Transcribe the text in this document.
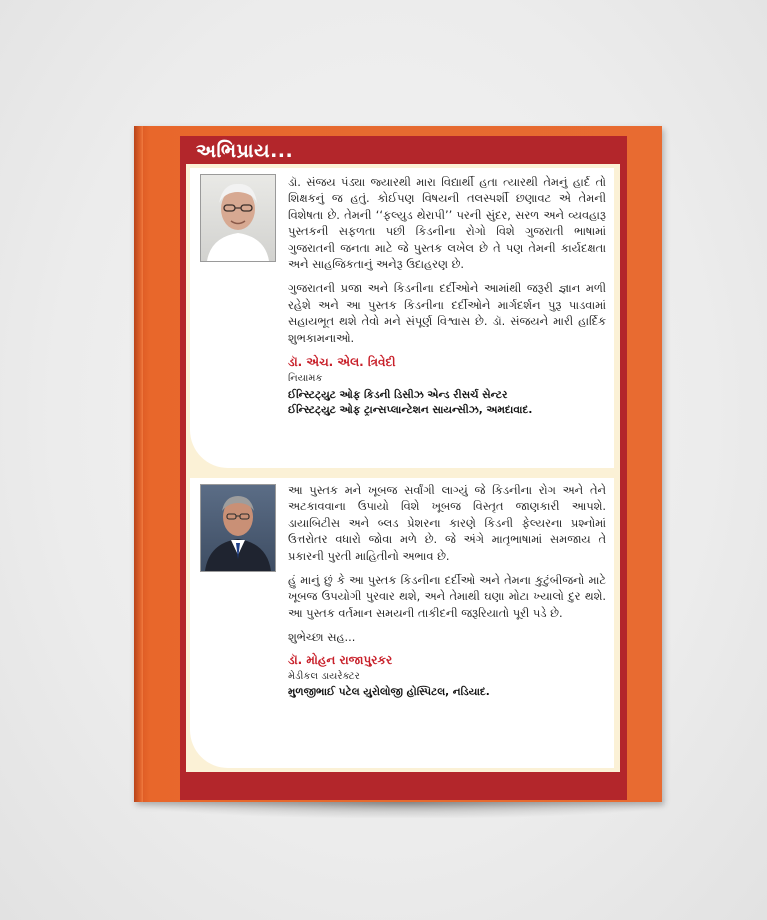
અભિપ્રાય...

ડૉ. સંજય પંડ્યા જ્યારથી મારા વિદ્યાર્થી હતા ત્યારથી તેમનું હાર્દ તો શિક્ષકનું જ હતું. કોઈપણ વિષયની તલસ્પર્શી છણાવટ એ તેમની વિશેષતા છે. તેમની ‘‘ફલ્યુડ થેરાપી’’ પરની સુંદર, સરળ અને વ્યવહારૂ પુસ્તકની સફળતા પછી કિડનીના રોગો વિશે ગુજરાતી ભાષામાં ગુજરાતની જનતા માટે જે પુસ્તક લખેલ છે તે પણ તેમની કાર્યદક્ષતા અને સાહજિકતાનું અનેરૂ ઉદાહરણ છે.

ગુજરાતની પ્રજા અને કિડનીના દર્દીઓને આમાંથી જરૂરી જ્ઞાન મળી રહેશે અને આ પુસ્તક કિડનીના દર્દીઓને માર્ગદર્શન પુરૂ પાડવામાં સહાયભૂત થશે તેવો મને સંપૂર્ણ વિશ્વાસ છે. ડૉ. સંજયને મારી હાર્દિક શુભકામનાઓ.

ડૉ. એચ. એલ. ત્રિવેદી
નિયામક
ઈન્સ્ટિટ્યુટ ઓફ કિડની ડિસીઝ એન્ડ રીસર્ચ સેન્ટર
ઈન્સ્ટિટ્યુટ ઓફ ટ્રાન્સપ્લાન્ટેશન સાયન્સીઝ, અમદાવાદ.

આ પુસ્તક મને ખૂબજ સર્વાંગી લાગ્યું જે કિડનીના રોગ અને તેને અટકાવવાના ઉપાયો વિશે ખૂબજ વિસ્તૃત જાણકારી આપશે. ડાયાબિટીસ અને બ્લડ પ્રેશરના કારણે કિડની ફેલ્યરના પ્રશ્નોમાં ઉત્તરોતર વધારો જોવા મળે છે. જે અંગે માતૃભાષામાં સમજાય તે પ્રકારની પુરતી માહિતીનો અભાવ છે.

હું માનું છું કે આ પુસ્તક કિડનીના દર્દીઓ અને તેમના કુટુંબીજનો માટે ખૂબજ ઉપયોગી પુરવાર થશે, અને તેમાથી ઘણા મોટા ખ્યાલો દુર થશે. આ પુસ્તક વર્તમાન સમયની તાકીદની જરૂરિયાતો પૂરી પડે છે.

શુભેચ્છા સહ...

ડૉ. મોહન રાજાપુરકર
મેડીકલ ડાયરેક્ટર
મુળજીભાઈ પટેલ યુરોલોજી હોસ્પિટલ, નડિયાદ.
